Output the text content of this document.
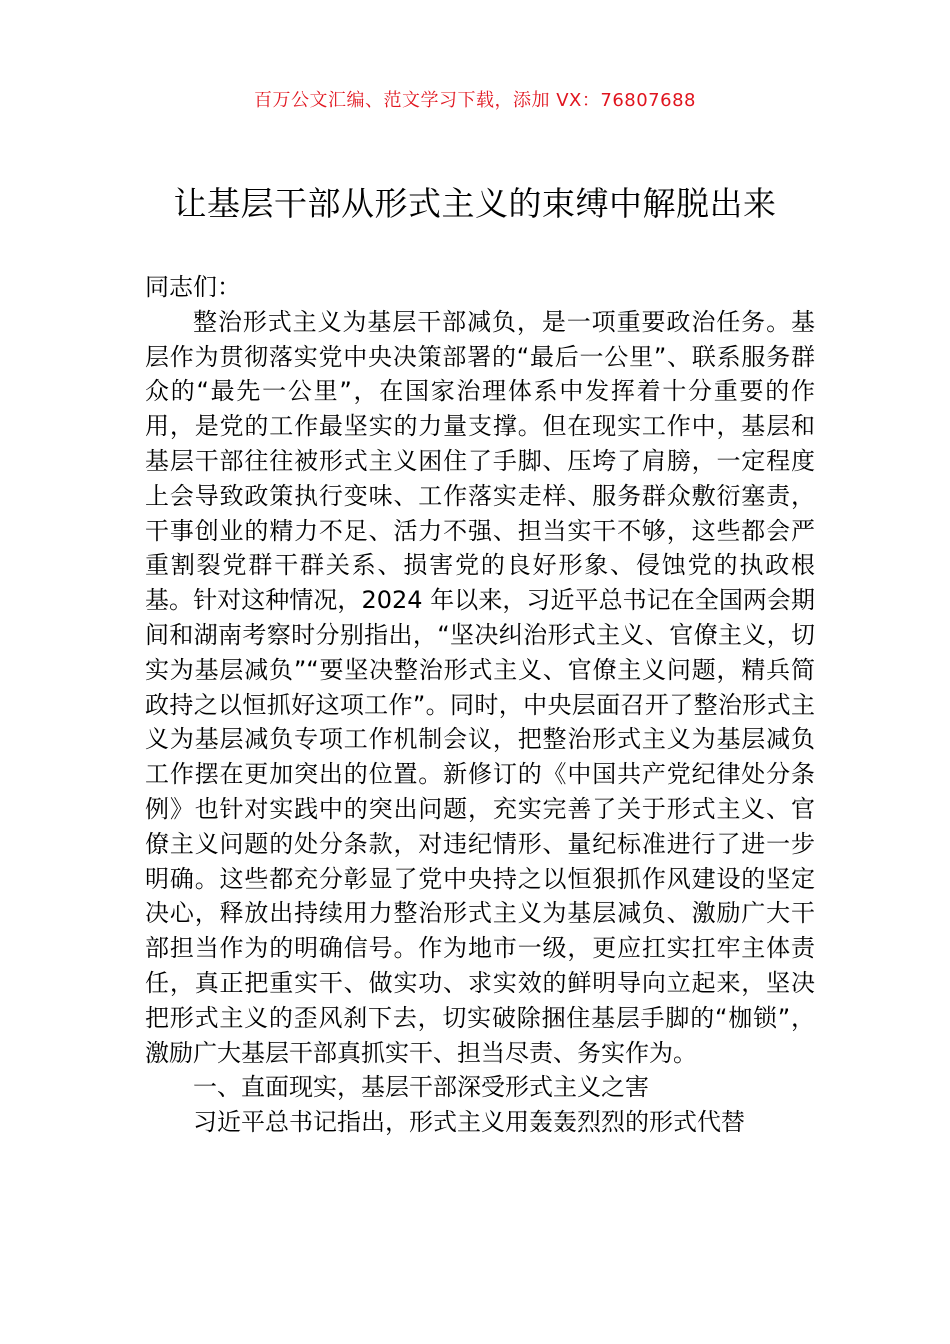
百万公文汇编、范文学习下载，添加 VX：76807688
让基层干部从形式主义的束缚中解脱出来

同志们：

整治形式主义为基层干部减负，是一项重要政治任务。基层作为贯彻落实党中央决策部署的“最后一公里”、联系服务群众的“最先一公里”，在国家治理体系中发挥着十分重要的作用，是党的工作最坚实的力量支撑。但在现实工作中，基层和基层干部往往被形式主义困住了手脚、压垮了肩膀，一定程度上会导致政策执行变味、工作落实走样、服务群众敷衍塞责，干事创业的精力不足、活力不强、担当实干不够，这些都会严重割裂党群干群关系、损害党的良好形象、侵蚀党的执政根基。针对这种情况，2024 年以来，习近平总书记在全国两会期间和湖南考察时分别指出，“坚决纠治形式主义、官僚主义，切实为基层减负”“要坚决整治形式主义、官僚主义问题，精兵简政持之以恒抓好这项工作”。同时，中央层面召开了整治形式主义为基层减负专项工作机制会议，把整治形式主义为基层减负工作摆在更加突出的位置。新修订的《中国共产党纪律处分条例》也针对实践中的突出问题，充实完善了关于形式主义、官僚主义问题的处分条款，对违纪情形、量纪标准进行了进一步明确。这些都充分彰显了党中央持之以恒狠抓作风建设的坚定决心，释放出持续用力整治形式主义为基层减负、激励广大干部担当作为的明确信号。作为地市一级，更应扛实扛牢主体责任，真正把重实干、做实功、求实效的鲜明导向立起来，坚决把形式主义的歪风刹下去，切实破除捆住基层手脚的“枷锁”，激励广大基层干部真抓实干、担当尽责、务实作为。

一、直面现实，基层干部深受形式主义之害

习近平总书记指出，形式主义用轰轰烈烈的形式代替
